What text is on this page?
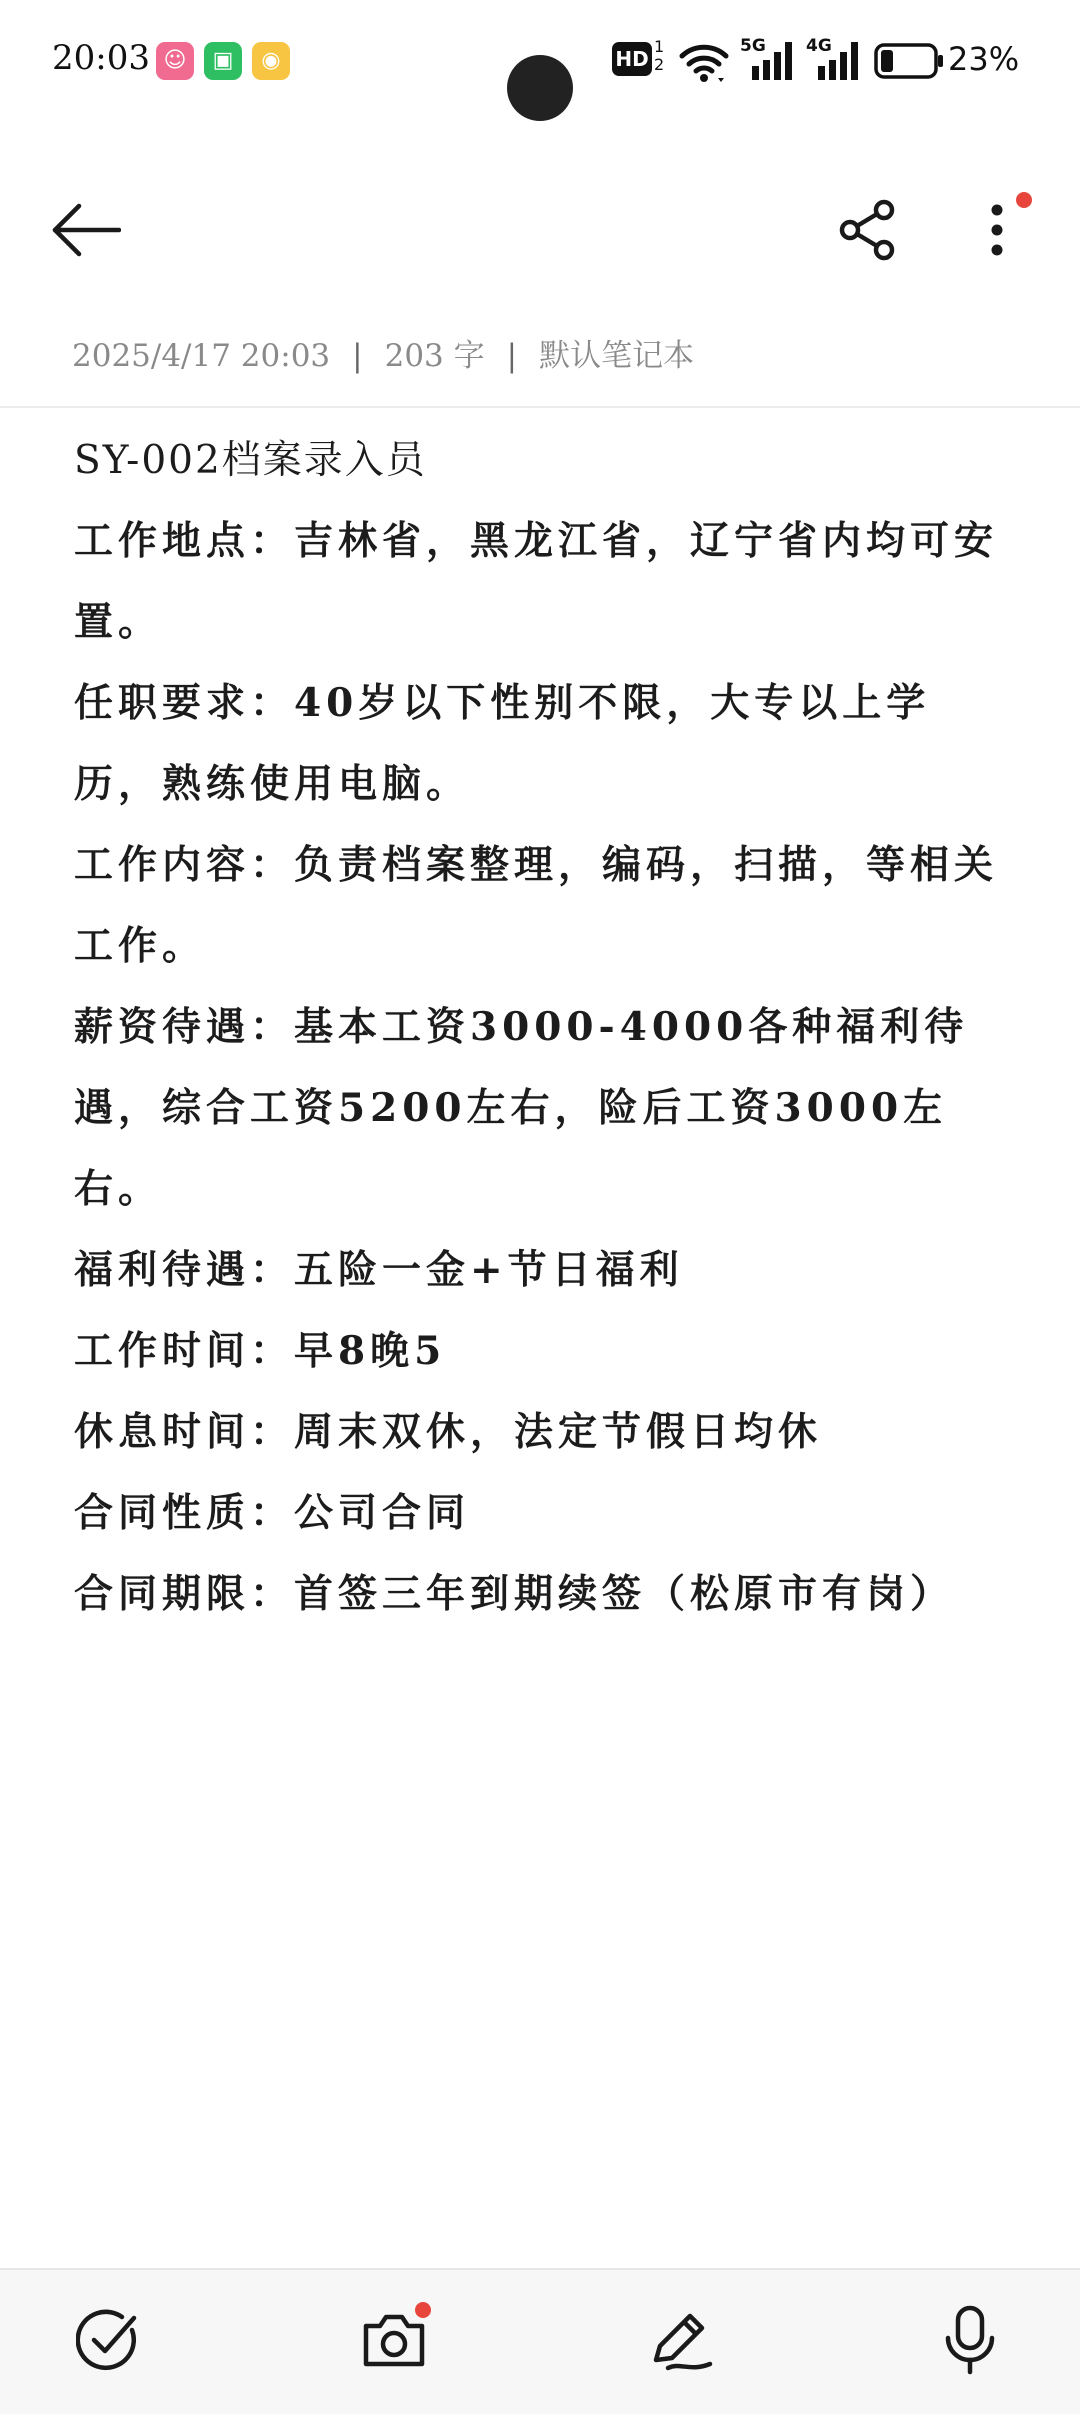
20:03 ☺	▣	◉	HD
1
2
5G 4G	23%
2025/4/17 20:03 | 203 字 | 默认笔记本
SY-002档案录入员

工作地点：吉林省，黑龙江省，辽宁省内均可安置。

任职要求：40岁以下性别不限，大专以上学历，熟练使用电脑。

工作内容：负责档案整理，编码，扫描，等相关工作。

薪资待遇：基本工资3000-4000各种福利待遇，综合工资5200左右，险后工资3000左右。

福利待遇：五险一金+节日福利

工作时间：早8晚5

休息时间：周末双休，法定节假日均休

合同性质：公司合同

合同期限：首签三年到期续签（松原市有岗）
